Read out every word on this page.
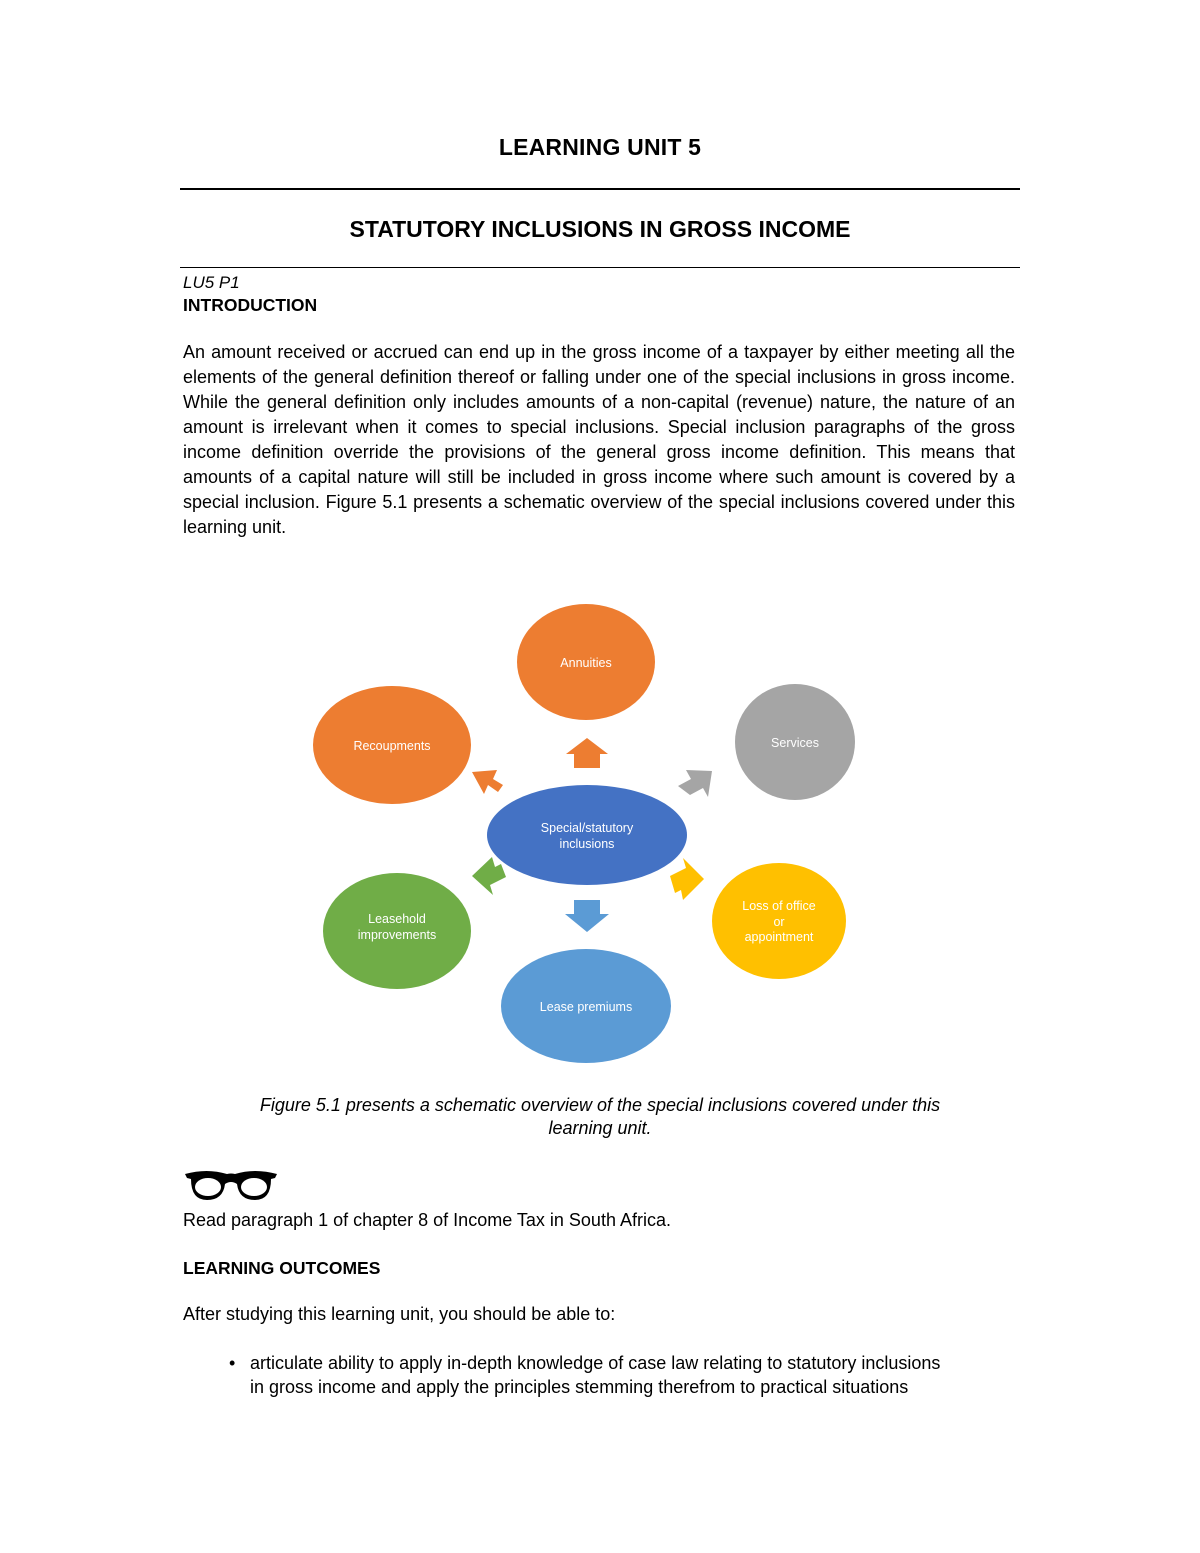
LEARNING UNIT 5
STATUTORY INCLUSIONS IN GROSS INCOME
LU5 P1
INTRODUCTION
An amount received or accrued can end up in the gross income of a taxpayer by either meeting all the elements of the general definition thereof or falling under one of the special inclusions in gross income. While the general definition only includes amounts of a non-capital (revenue) nature, the nature of an amount is irrelevant when it comes to special inclusions. Special inclusion paragraphs of the gross income definition override the provisions of the general gross income definition. This means that amounts of a capital nature will still be included in gross income where such amount is covered by a special inclusion. Figure 5.1 presents a schematic overview of the special inclusions covered under this learning unit.
Special/statutory
inclusions
Annuities
Services
Loss of office
or
appointment
Lease premiums
Leasehold
improvements
Recoupments
Figure 5.1 presents a schematic overview of the special inclusions covered under this
learning unit.
Read paragraph 1 of chapter 8 of Income Tax in South Africa.
LEARNING OUTCOMES
After studying this learning unit, you should be able to:
• articulate ability to apply in-depth knowledge of case law relating to statutory inclusions
in gross income and apply the principles stemming therefrom to practical situations
